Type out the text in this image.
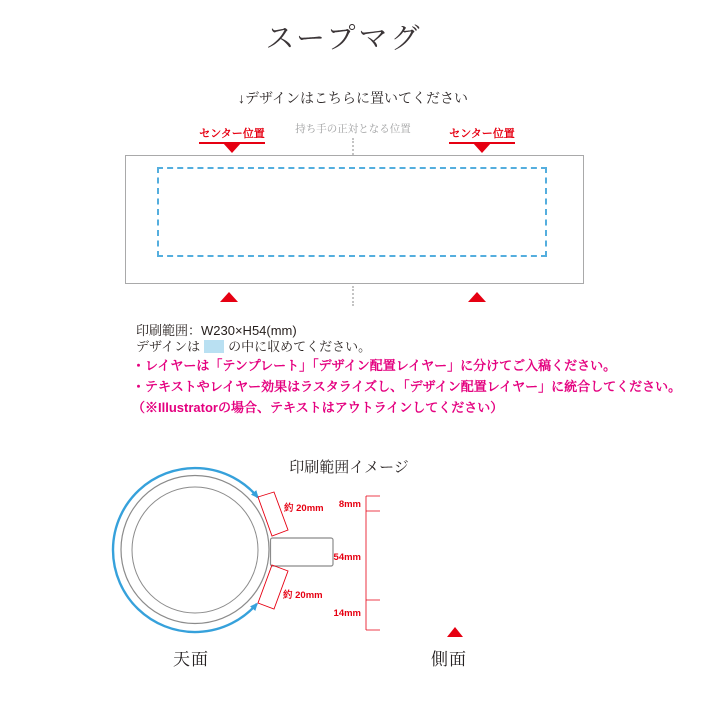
スープマグ
↓デザインはこちらに置いてください
センター位置	センター位置
持ち手の正対となる位置
印刷範囲：W230×H54(mm)
デザインは の中に収めてください。
・レイヤーは「テンプレート」「デザイン配置レイヤー」に分けてご入稿ください。
・テキストやレイヤー効果はラスタライズし、「デザイン配置レイヤー」に統合してください。
（※Illustratorの場合、テキストはアウトラインしてください）
印刷範囲イメージ
約 20mm
約 20mm
8mm
54mm
14mm
天面	側面
